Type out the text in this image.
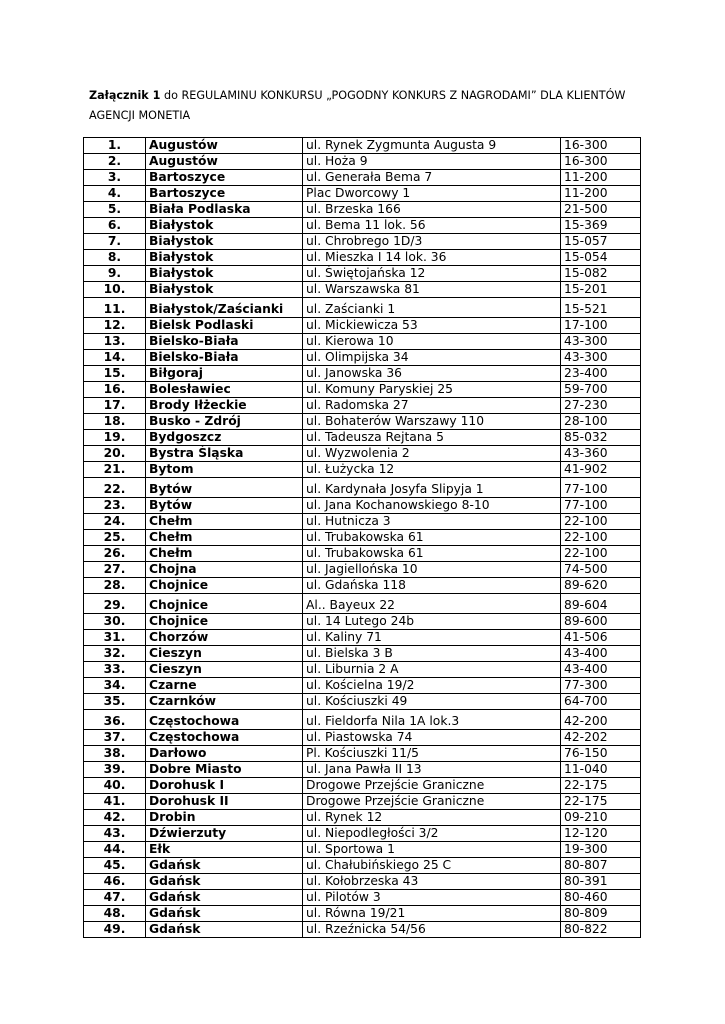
Załącznik 1 do REGULAMINU KONKURSU „POGODNY KONKURS Z NAGRODAMI” DLA KLIENTÓW AGENCJI MONETIA
1.	Augustów	ul. Rynek Zygmunta Augusta 9	16-300
2.	Augustów	ul. Hoża 9	16-300
3.	Bartoszyce	ul. Generała Bema 7	11-200
4.	Bartoszyce	Plac Dworcowy 1	11-200
5.	Biała Podlaska	ul. Brzeska 166	21-500
6.	Białystok	ul. Bema 11 lok. 56	15-369
7.	Białystok	ul. Chrobrego 1D/3	15-057
8.	Białystok	ul. Mieszka I 14 lok. 36	15-054
9.	Białystok	ul. Świętojańska 12	15-082
10.	Białystok	ul. Warszawska 81	15-201
11.	Białystok/Zaścianki	ul. Zaścianki 1	15-521
12.	Bielsk Podlaski	ul. Mickiewicza 53	17-100
13.	Bielsko-Biała	ul. Kierowa 10	43-300
14.	Bielsko-Biała	ul. Olimpijska 34	43-300
15.	Biłgoraj	ul. Janowska 36	23-400
16.	Bolesławiec	ul. Komuny Paryskiej 25	59-700
17.	Brody Iłżeckie	ul. Radomska 27	27-230
18.	Busko - Zdrój	ul. Bohaterów Warszawy 110	28-100
19.	Bydgoszcz	ul. Tadeusza Rejtana 5	85-032
20.	Bystra Śląska	ul. Wyzwolenia 2	43-360
21.	Bytom	ul. Łużycka 12	41-902
22.	Bytów	ul. Kardynała Josyfa Slipyja 1	77-100
23.	Bytów	ul. Jana Kochanowskiego 8-10	77-100
24.	Chełm	ul. Hutnicza 3	22-100
25.	Chełm	ul. Trubakowska 61	22-100
26.	Chełm	ul. Trubakowska 61	22-100
27.	Chojna	ul. Jagiellońska 10	74-500
28.	Chojnice	ul. Gdańska 118	89-620
29.	Chojnice	Al.. Bayeux 22	89-604
30.	Chojnice	ul. 14 Lutego 24b	89-600
31.	Chorzów	ul. Kaliny 71	41-506
32.	Cieszyn	ul. Bielska 3 B	43-400
33.	Cieszyn	ul. Liburnia 2 A	43-400
34.	Czarne	ul. Kościelna 19/2	77-300
35.	Czarnków	ul. Kościuszki 49	64-700
36.	Częstochowa	ul. Fieldorfa Nila 1A lok.3	42-200
37.	Częstochowa	ul. Piastowska 74	42-202
38.	Darłowo	Pl. Kościuszki 11/5	76-150
39.	Dobre Miasto	ul. Jana Pawła II 13	11-040
40.	Dorohusk I	Drogowe Przejście Graniczne	22-175
41.	Dorohusk II	Drogowe Przejście Graniczne	22-175
42.	Drobin	ul. Rynek 12	09-210
43.	Dźwierzuty	ul. Niepodległości 3/2	12-120
44.	Ełk	ul. Sportowa 1	19-300
45.	Gdańsk	ul. Chałubińskiego 25 C	80-807
46.	Gdańsk	ul. Kołobrzeska 43	80-391
47.	Gdańsk	ul. Pilotów 3	80-460
48.	Gdańsk	ul. Równa 19/21	80-809
49.	Gdańsk	ul. Rzeźnicka 54/56	80-822
